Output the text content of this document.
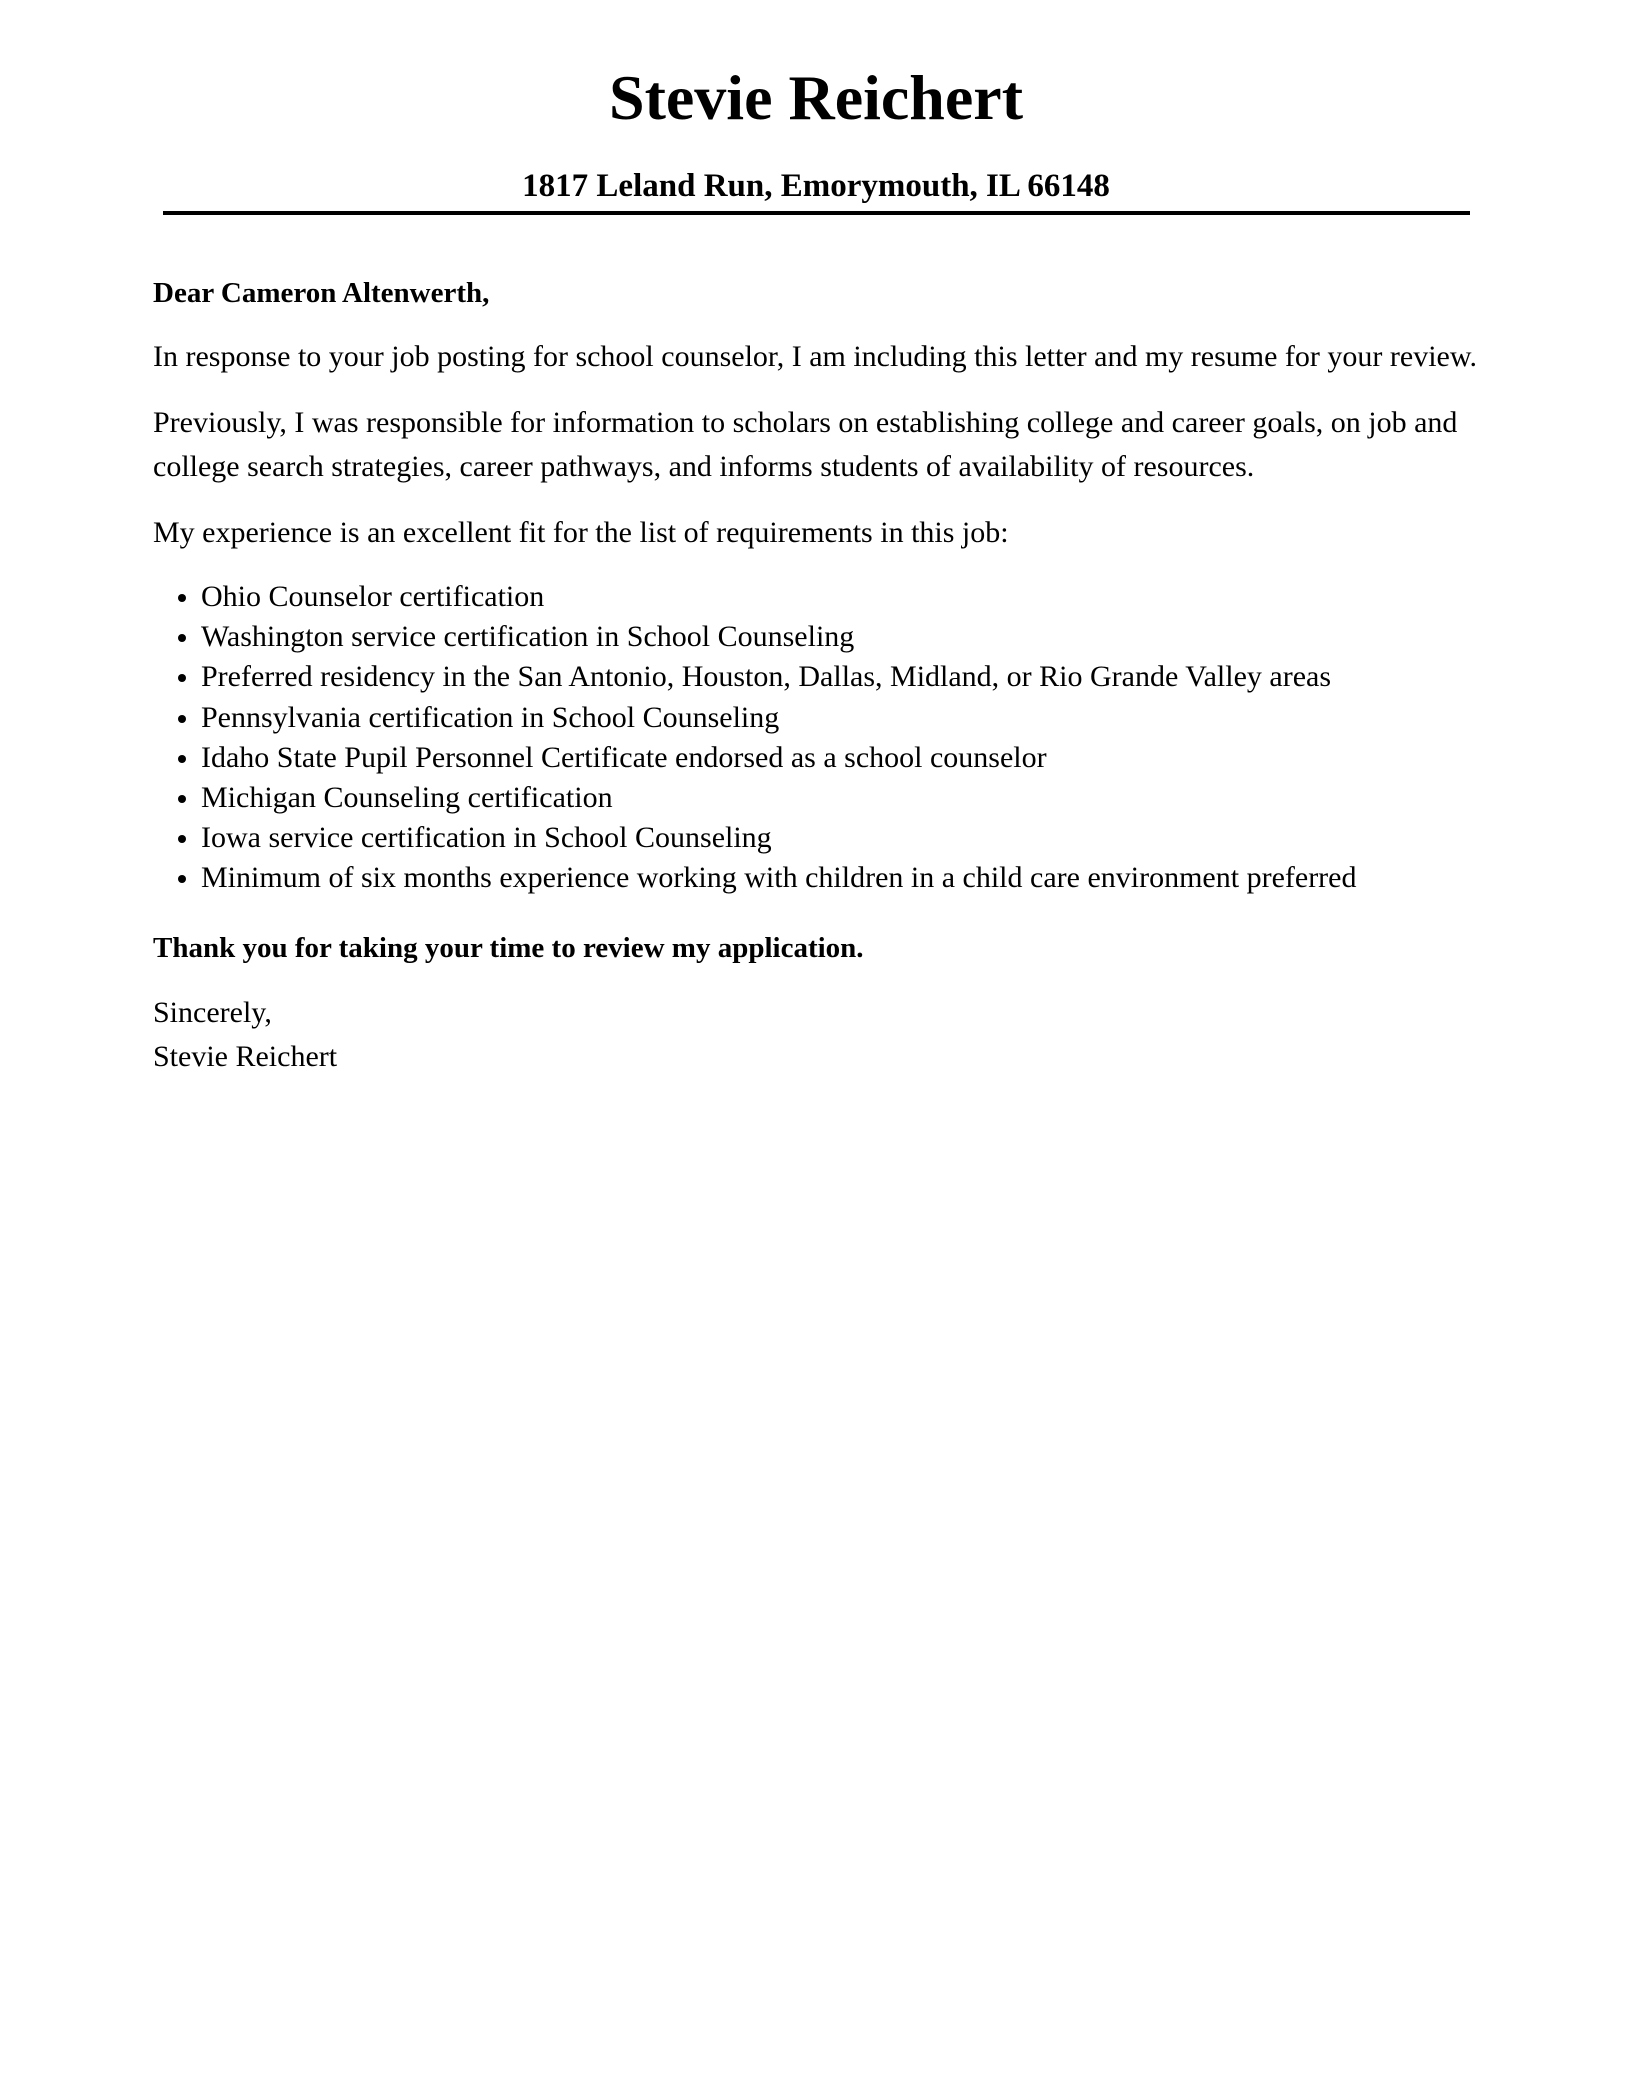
Stevie Reichert
1817 Leland Run, Emorymouth, IL 66148

Dear Cameron Altenwerth,

In response to your job posting for school counselor, I am including this letter and my resume for your review.

Previously, I was responsible for information to scholars on establishing college and career goals, on job and college search strategies, career pathways, and informs students of availability of resources.

My experience is an excellent fit for the list of requirements in this job:

Ohio Counselor certification
Washington service certification in School Counseling
Preferred residency in the San Antonio, Houston, Dallas, Midland, or Rio Grande Valley areas
Pennsylvania certification in School Counseling
Idaho State Pupil Personnel Certificate endorsed as a school counselor
Michigan Counseling certification
Iowa service certification in School Counseling
Minimum of six months experience working with children in a child care environment preferred

Thank you for taking your time to review my application.

Sincerely,

Stevie Reichert
